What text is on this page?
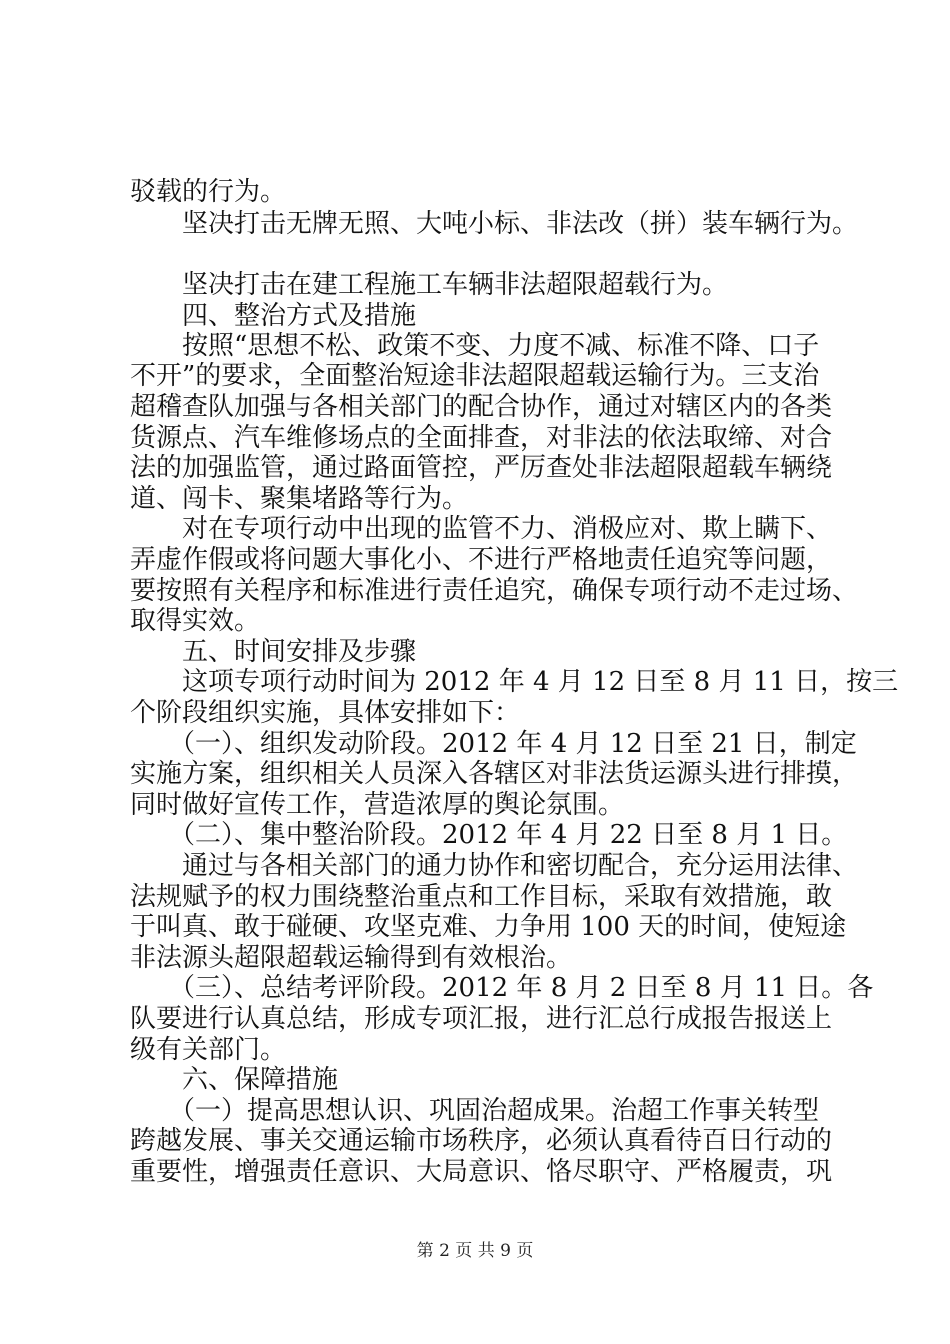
驳载的行为。
　　坚决打击无牌无照、大吨小标、非法改（拼）装车辆行为。
　　坚决打击在建工程施工车辆非法超限超载行为。
　　四、整治方式及措施
　　按照“思想不松、政策不变、力度不减、标准不降、口子
不开”的要求，全面整治短途非法超限超载运输行为。三支治
超稽查队加强与各相关部门的配合协作，通过对辖区内的各类
货源点、汽车维修场点的全面排查，对非法的依法取缔、对合
法的加强监管，通过路面管控，严厉查处非法超限超载车辆绕
道、闯卡、聚集堵路等行为。
　　对在专项行动中出现的监管不力、消极应对、欺上瞒下、
弄虚作假或将问题大事化小、不进行严格地责任追究等问题，
要按照有关程序和标准进行责任追究，确保专项行动不走过场、
取得实效。
　　五、时间安排及步骤
　　这项专项行动时间为 2012 年 4 月 12 日至 8 月 11 日，按三
个阶段组织实施，具体安排如下：
　　（一）、组织发动阶段。2012 年 4 月 12 日至 21 日，制定
实施方案，组织相关人员深入各辖区对非法货运源头进行排摸，
同时做好宣传工作，营造浓厚的舆论氛围。
　　（二）、集中整治阶段。2012 年 4 月 22 日至 8 月 1 日。
　　通过与各相关部门的通力协作和密切配合，充分运用法律、
法规赋予的权力围绕整治重点和工作目标，采取有效措施，敢
于叫真、敢于碰硬、攻坚克难、力争用 100 天的时间，使短途
非法源头超限超载运输得到有效根治。
　　（三）、总结考评阶段。2012 年 8 月 2 日至 8 月 11 日。各
队要进行认真总结，形成专项汇报，进行汇总行成报告报送上
级有关部门。
　　六、保障措施
　　（一）提高思想认识、巩固治超成果。治超工作事关转型
跨越发展、事关交通运输市场秩序，必须认真看待百日行动的
重要性，增强责任意识、大局意识、恪尽职守、严格履责，巩
第 2 页 共 9 页
